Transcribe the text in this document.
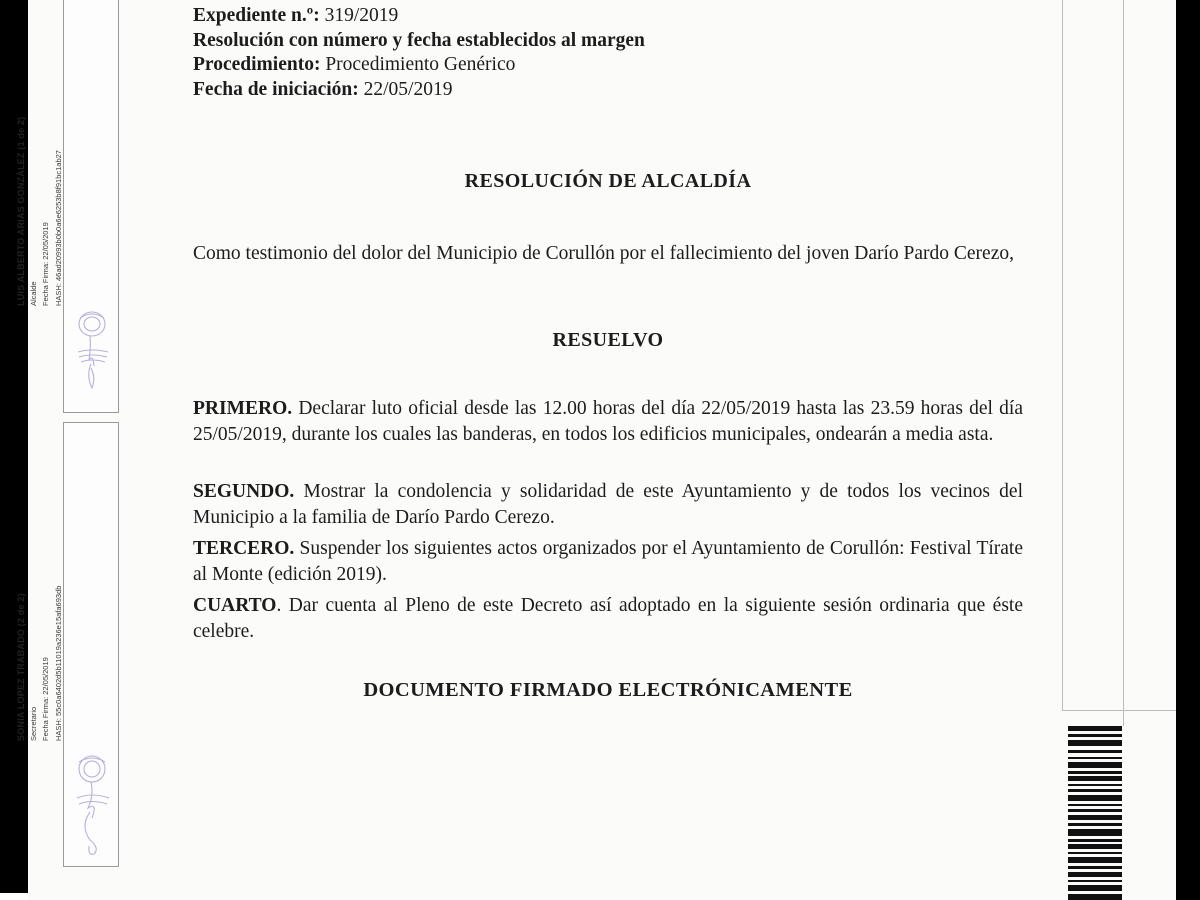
LUIS ALBERTO ARIAS GONZÁLEZ (1 de 2) Alcalde Fecha Firma: 22/05/2019 HASH: 46ad20993b0b0a6e6253b8f91bc1ab27
SONIA LOPEZ TRABADO (2 de 2) Secretario Fecha Firma: 22/05/2019 HASH: 55c0a6402d5b11019a236e15afa693db
Expediente n.º: 319/2019
Resolución con número y fecha establecidos al margen
Procedimiento: Procedimiento Genérico
Fecha de iniciación: 22/05/2019
RESOLUCIÓN DE ALCALDÍA

Como testimonio del dolor del Municipio de Corullón por el fallecimiento del joven Darío Pardo Cerezo,

RESUELVO

PRIMERO. Declarar luto oficial desde las 12.00 horas del día 22/05/2019 hasta las 23.59 horas del día 25/05/2019, durante los cuales las banderas, en todos los edificios municipales, ondearán a media asta.

SEGUNDO. Mostrar la condolencia y solidaridad de este Ayuntamiento y de todos los vecinos del Municipio a la familia de Darío Pardo Cerezo.

TERCERO. Suspender los siguientes actos organizados por el Ayuntamiento de Corullón: Festival Tírate al Monte (edición 2019).

CUARTO. Dar cuenta al Pleno de este Decreto así adoptado en la siguiente sesión ordinaria que éste celebre.

DOCUMENTO FIRMADO ELECTRÓNICAMENTE
